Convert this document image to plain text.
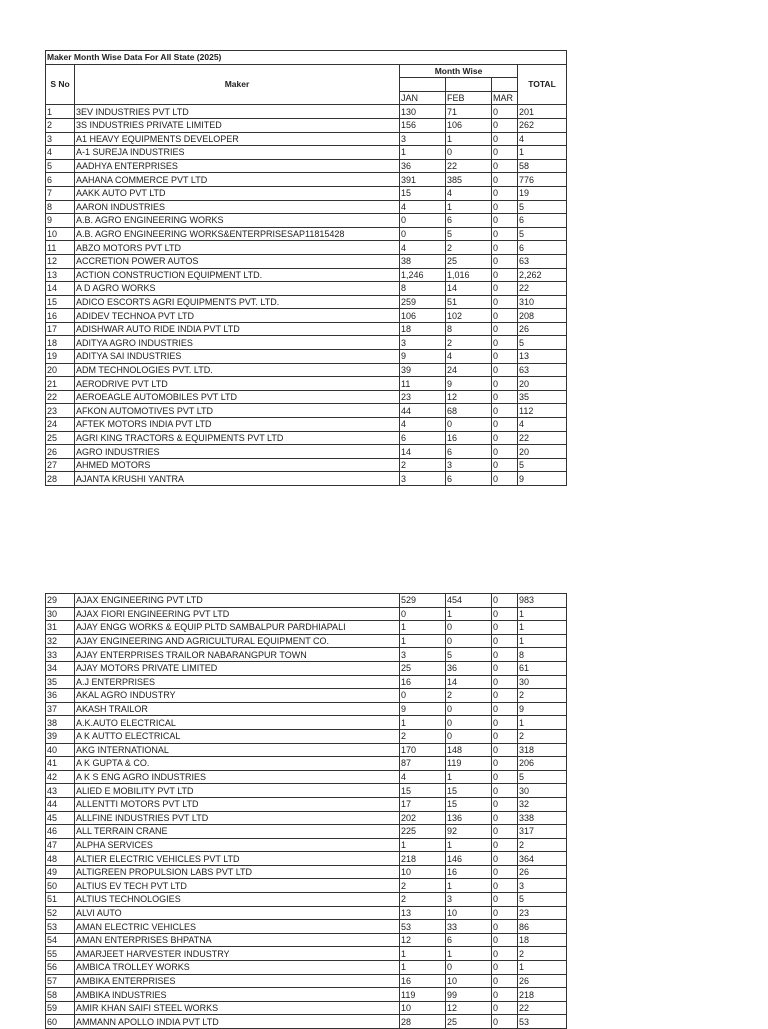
Maker Month Wise Data For All State (2025)					
S No	Maker	Month Wise			TOTAL

		JAN	FEB	MAR	
1	3EV INDUSTRIES PVT LTD	130	71	0	201
2	3S INDUSTRIES PRIVATE LIMITED	156	106	0	262
3	A1 HEAVY EQUIPMENTS DEVELOPER	3	1	0	4
4	A-1 SUREJA INDUSTRIES	1	0	0	1
5	AADHYA ENTERPRISES	36	22	0	58
6	AAHANA COMMERCE PVT LTD	391	385	0	776
7	AAKK AUTO PVT LTD	15	4	0	19
8	AARON INDUSTRIES	4	1	0	5
9	A.B. AGRO ENGINEERING WORKS	0	6	0	6
10	A.B. AGRO ENGINEERING WORKS&ENTERPRISESAP11815428	0	5	0	5
11	ABZO MOTORS PVT LTD	4	2	0	6
12	ACCRETION POWER AUTOS	38	25	0	63
13	ACTION CONSTRUCTION EQUIPMENT LTD.	1,246	1,016	0	2,262
14	A D AGRO WORKS	8	14	0	22
15	ADICO ESCORTS AGRI EQUIPMENTS PVT. LTD.	259	51	0	310
16	ADIDEV TECHNOA PVT LTD	106	102	0	208
17	ADISHWAR AUTO RIDE INDIA PVT LTD	18	8	0	26
18	ADITYA AGRO INDUSTRIES	3	2	0	5
19	ADITYA SAI INDUSTRIES	9	4	0	13
20	ADM TECHNOLOGIES PVT. LTD.	39	24	0	63
21	AERODRIVE PVT LTD	11	9	0	20
22	AEROEAGLE AUTOMOBILES PVT LTD	23	12	0	35
23	AFKON AUTOMOTIVES PVT LTD	44	68	0	112
24	AFTEK MOTORS INDIA PVT LTD	4	0	0	4
25	AGRI KING TRACTORS & EQUIPMENTS PVT LTD	6	16	0	22
26	AGRO INDUSTRIES	14	6	0	20
27	AHMED MOTORS	2	3	0	5
28	AJANTA KRUSHI YANTRA	3	6	0	9
29	AJAX ENGINEERING PVT LTD	529	454	0	983
30	AJAX FIORI ENGINEERING PVT LTD	0	1	0	1
31	AJAY ENGG WORKS & EQUIP PLTD SAMBALPUR PARDHIAPALI	1	0	0	1
32	AJAY ENGINEERING AND AGRICULTURAL EQUIPMENT CO.	1	0	0	1
33	AJAY ENTERPRISES TRAILOR NABARANGPUR TOWN	3	5	0	8
34	AJAY MOTORS PRIVATE LIMITED	25	36	0	61
35	A.J ENTERPRISES	16	14	0	30
36	AKAL AGRO INDUSTRY	0	2	0	2
37	AKASH TRAILOR	9	0	0	9
38	A.K.AUTO ELECTRICAL	1	0	0	1
39	A K AUTTO ELECTRICAL	2	0	0	2
40	AKG INTERNATIONAL	170	148	0	318
41	A K GUPTA & CO.	87	119	0	206
42	A K S ENG AGRO INDUSTRIES	4	1	0	5
43	ALIED E MOBILITY PVT LTD	15	15	0	30
44	ALLENTTI MOTORS PVT LTD	17	15	0	32
45	ALLFINE INDUSTRIES PVT LTD	202	136	0	338
46	ALL TERRAIN CRANE	225	92	0	317
47	ALPHA SERVICES	1	1	0	2
48	ALTIER ELECTRIC VEHICLES PVT LTD	218	146	0	364
49	ALTIGREEN PROPULSION LABS PVT LTD	10	16	0	26
50	ALTIUS EV TECH PVT LTD	2	1	0	3
51	ALTIUS TECHNOLOGIES	2	3	0	5
52	ALVI AUTO	13	10	0	23
53	AMAN ELECTRIC VEHICLES	53	33	0	86
54	AMAN ENTERPRISES BHPATNA	12	6	0	18
55	AMARJEET HARVESTER INDUSTRY	1	1	0	2
56	AMBICA TROLLEY WORKS	1	0	0	1
57	AMBIKA ENTERPRISES	16	10	0	26
58	AMBIKA INDUSTRIES	119	99	0	218
59	AMIR KHAN SAIFI STEEL WORKS	10	12	0	22
60	AMMANN APOLLO INDIA PVT LTD	28	25	0	53
